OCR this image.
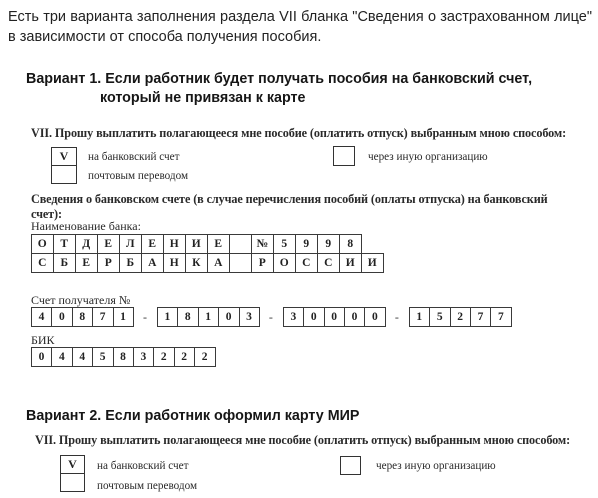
Есть три варианта заполнения раздела VII бланка "Сведения о застрахованном лице" в зависимости от способа получения пособия.
Вариант 1. Если работник будет получать пособия на банковский счет,
который не привязан к карте
VII. Прошу выплатить полагающееся мне пособие (оплатить отпуск) выбранным мною способом:
V	на банковский счет	через иную организацию
почтовым переводом
Сведения о банковском счете (в случае перечисления пособий (оплаты отпуска) на банковский
счет):
Наименование банка:
О	Т	Д	Е	Л	Е	Н	И	Е	№	5	9	9	8
С	Б	Е	Р	Б	А	Н	К	А	Р	О	С	С	И	И
Счет получателя №
4	0	8	7	1	-	1	8	1	0	3	-	3	0	0	0	0	-	1	5	2	7	7
БИК
0	4	4	5	8	3	2	2	2
Вариант 2. Если работник оформил карту МИР
VII. Прошу выплатить полагающееся мне пособие (оплатить отпуск) выбранным мною способом:
V	на банковский счет	через иную организацию
почтовым переводом
